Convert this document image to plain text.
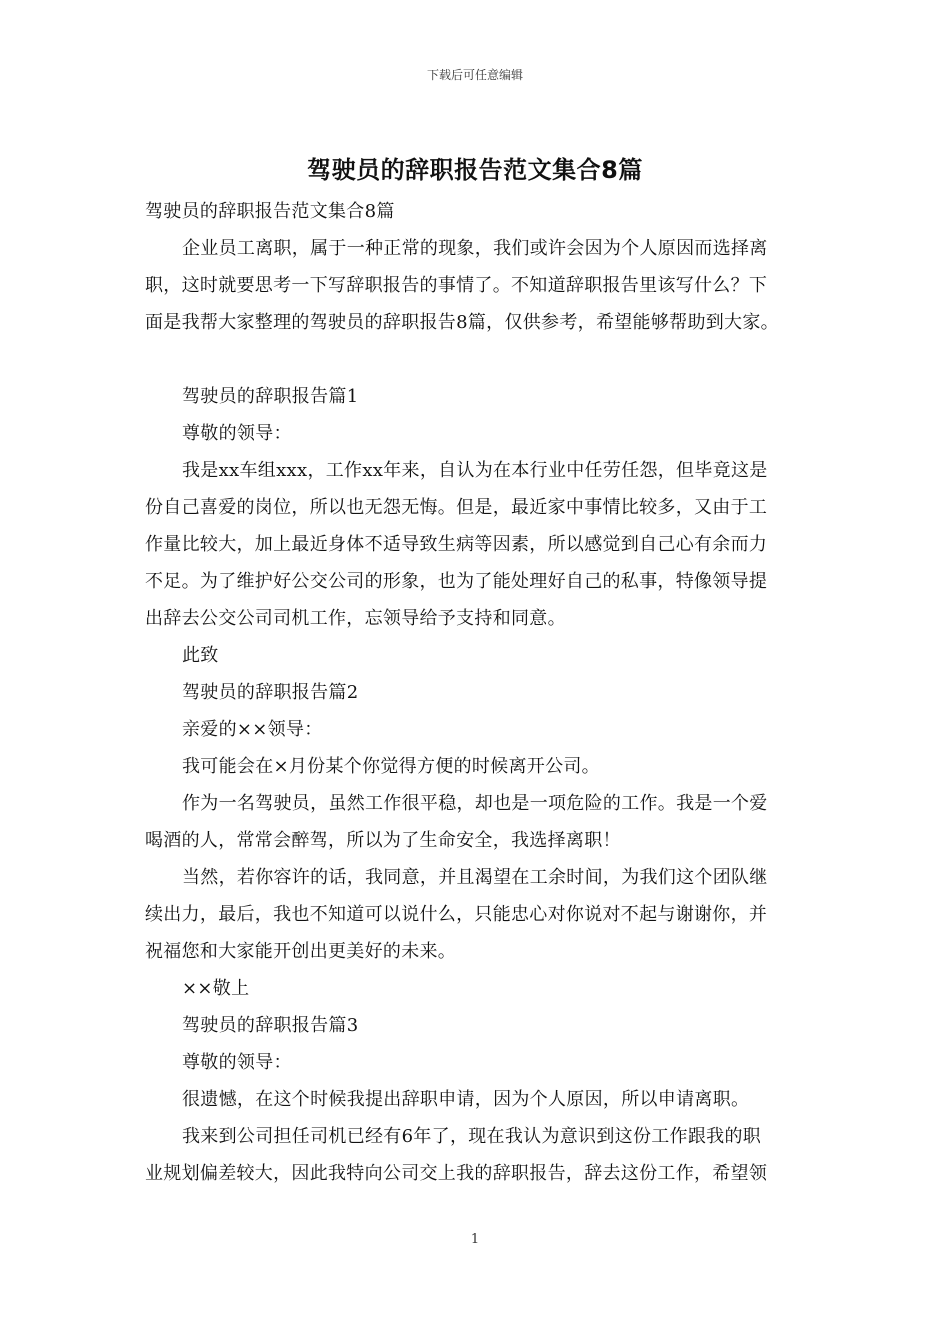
下载后可任意编辑
驾驶员的辞职报告范文集合8篇
驾驶员的辞职报告范文集合8篇
企业员工离职，属于一种正常的现象，我们或许会因为个人原因而选择离
职，这时就要思考一下写辞职报告的事情了。不知道辞职报告里该写什么？下
面是我帮大家整理的驾驶员的辞职报告8篇，仅供参考，希望能够帮助到大家。
驾驶员的辞职报告篇1
尊敬的领导：
我是xx车组xxx，工作xx年来，自认为在本行业中任劳任怨，但毕竟这是
份自己喜爱的岗位，所以也无怨无悔。但是，最近家中事情比较多，又由于工
作量比较大，加上最近身体不适导致生病等因素，所以感觉到自己心有余而力
不足。为了维护好公交公司的形象，也为了能处理好自己的私事，特像领导提
出辞去公交公司司机工作，忘领导给予支持和同意。
此致
驾驶员的辞职报告篇2
亲爱的××领导：
我可能会在×月份某个你觉得方便的时候离开公司。
作为一名驾驶员，虽然工作很平稳，却也是一项危险的工作。我是一个爱
喝酒的人，常常会醉驾，所以为了生命安全，我选择离职！
当然，若你容许的话，我同意，并且渴望在工余时间，为我们这个团队继
续出力，最后，我也不知道可以说什么，只能忠心对你说对不起与谢谢你，并
祝福您和大家能开创出更美好的未来。
××敬上
驾驶员的辞职报告篇3
尊敬的领导：
很遗憾，在这个时候我提出辞职申请，因为个人原因，所以申请离职。
我来到公司担任司机已经有6年了，现在我认为意识到这份工作跟我的职
业规划偏差较大，因此我特向公司交上我的辞职报告，辞去这份工作，希望领
1
